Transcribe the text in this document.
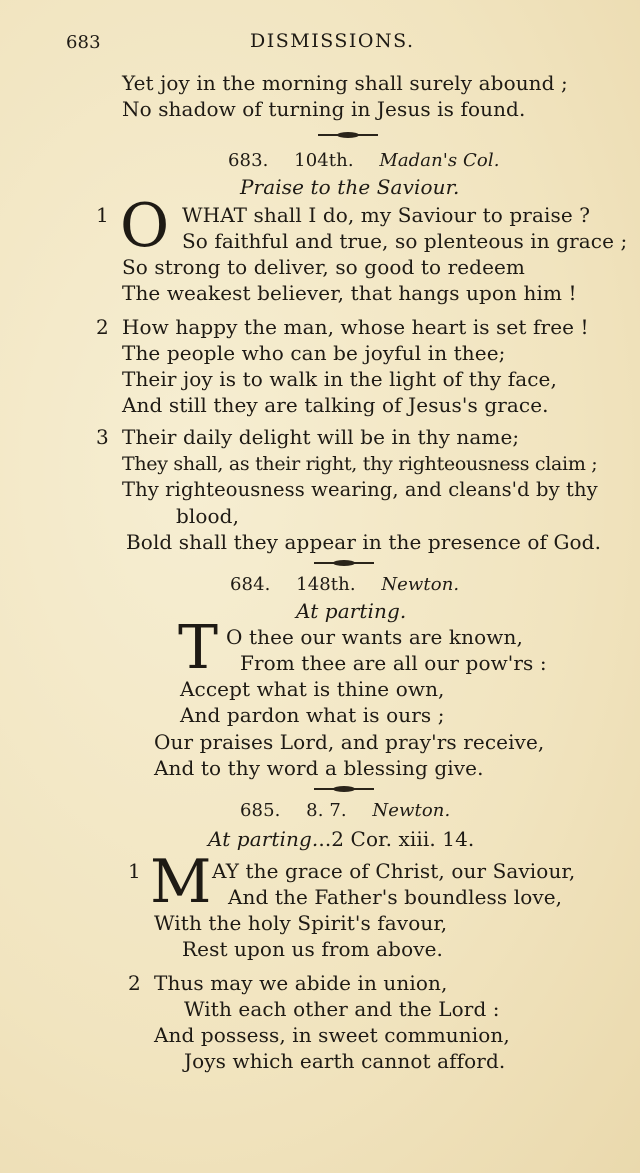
683	DISMISSIONS.
Yet joy in the morning shall surely abound ;
No shadow of turning in Jesus is found.
683. 104th. Madan's Col.
Praise to the Saviour.
1 O WHAT shall I do, my Saviour to praise ?
So faithful and true, so plenteous in grace ;
So strong to deliver, so good to redeem
The weakest believer, that hangs upon him !
2 How happy the man, whose heart is set free !
The people who can be joyful in thee;
Their joy is to walk in the light of thy face,
And still they are talking of Jesus's grace.
3 Their daily delight will be in thy name;
They shall, as their right, thy righteousness claim ;
Thy righteousness wearing, and cleans'd by thy
blood,
Bold shall they appear in the presence of God.
684. 148th. Newton.
At parting.
T O thee our wants are known,
From thee are all our pow'rs :
Accept what is thine own,
And pardon what is ours ;
Our praises Lord, and pray'rs receive,
And to thy word a blessing give.
685. 8. 7. Newton.
At parting...2 Cor. xiii. 14.
1 M AY the grace of Christ, our Saviour,
And the Father's boundless love,
With the holy Spirit's favour,
Rest upon us from above.
2 Thus may we abide in union,
With each other and the Lord :
And possess, in sweet communion,
Joys which earth cannot afford.
